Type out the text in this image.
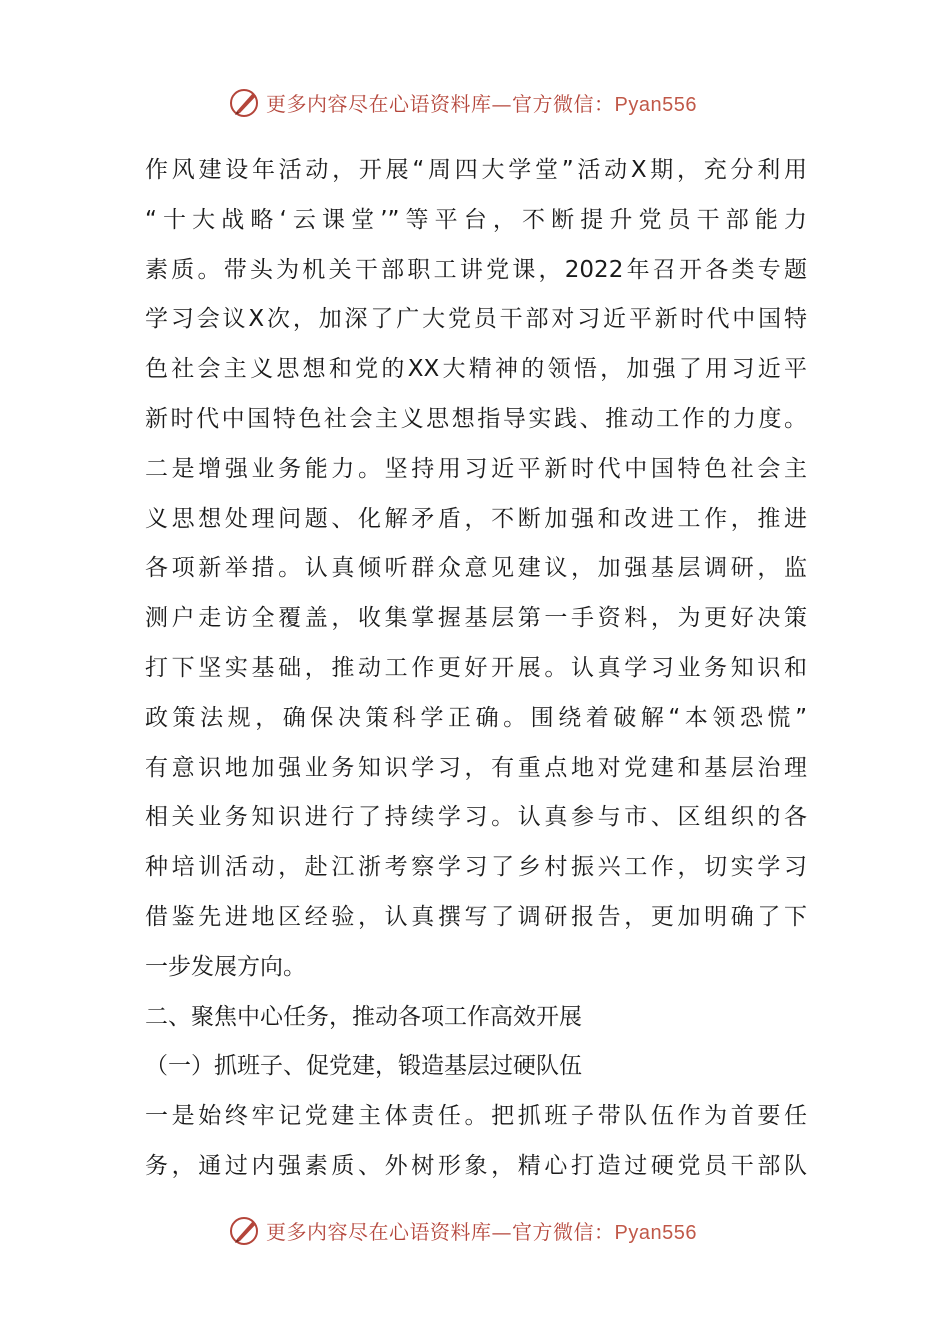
更多内容尽在心语资料库—官方微信：Pyan556
作风建设年活动，开展“周四大学堂”活动X期，充分利用
“十大战略‘云课堂’”等平台，不断提升党员干部能力
素质。带头为机关干部职工讲党课，2022年召开各类专题
学习会议X次，加深了广大党员干部对习近平新时代中国特
色社会主义思想和党的XX大精神的领悟，加强了用习近平
新时代中国特色社会主义思想指导实践、推动工作的力度。
二是增强业务能力。坚持用习近平新时代中国特色社会主
义思想处理问题、化解矛盾，不断加强和改进工作，推进
各项新举措。认真倾听群众意见建议，加强基层调研，监
测户走访全覆盖，收集掌握基层第一手资料，为更好决策
打下坚实基础，推动工作更好开展。认真学习业务知识和
政策法规，确保决策科学正确。围绕着破解“本领恐慌”
有意识地加强业务知识学习，有重点地对党建和基层治理
相关业务知识进行了持续学习。认真参与市、区组织的各
种培训活动，赴江浙考察学习了乡村振兴工作，切实学习
借鉴先进地区经验，认真撰写了调研报告，更加明确了下
一步发展方向。
二、聚焦中心任务，推动各项工作高效开展
（一）抓班子、促党建，锻造基层过硬队伍
一是始终牢记党建主体责任。把抓班子带队伍作为首要任
务，通过内强素质、外树形象，精心打造过硬党员干部队
更多内容尽在心语资料库—官方微信：Pyan556
